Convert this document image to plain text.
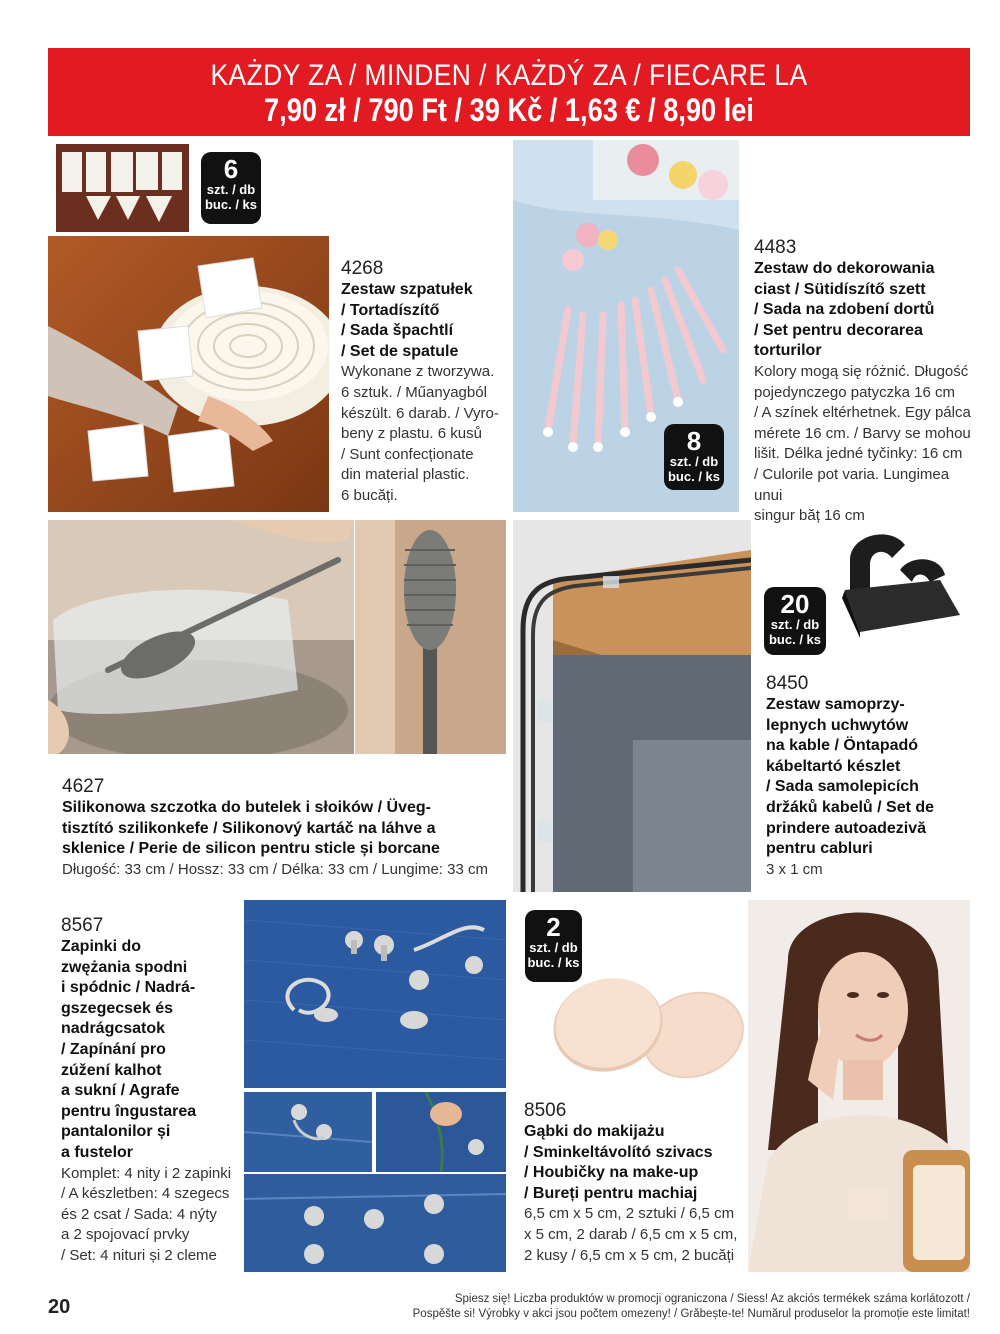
KAŻDY ZA / MINDEN / KAŻDÝ ZA / FIECARE LA
7,90 zł / 790 Ft / 39 Kč / 1,63 € / 8,90 lei
6
szt. / db
buc. / ks
4268
Zestaw szpatułek
/ Tortadíszítő
/ Sada špachtlí
/ Set de spatule
Wykonane z tworzywa.
6 sztuk. / Műanyagból
készült. 6 darab. / Vyro-
beny z plastu. 6 kusů
/ Sunt confecționate
din material plastic.
6 bucăți.
8
szt. / db
buc. / ks
4483
Zestaw do dekorowania
ciast / Sütidíszítő szett
/ Sada na zdobení dortů
/ Set pentru decorarea
torturilor
Kolory mogą się różnić. Długość
pojedynczego patyczka 16 cm
/ A színek eltérhetnek. Egy pálca
mérete 16 cm. / Barvy se mohou
lišit. Délka jedné tyčinky: 16 cm
/ Culorile pot varia. Lungimea unui
singur băț 16 cm
4627
Silikonowa szczotka do butelek i słoików / Üveg-
tisztító szilikonkefe / Silikonový kartáč na láhve a
sklenice / Perie de silicon pentru sticle și borcane
Długość: 33 cm / Hossz: 33 cm / Délka: 33 cm / Lungime: 33 cm
20
szt. / db
buc. / ks
8450
Zestaw samoprzy-
lepnych uchwytów
na kable / Öntapadó
kábeltartó készlet
/ Sada samolepicích
držáků kabelů / Set de
prindere autoadezivă
pentru cabluri
3 x 1 cm
8567
Zapinki do
zwężania spodni
i spódnic / Nadrá-
gszegecsek és
nadrágcsatok
/ Zapínání pro
zúžení kalhot
a sukní / Agrafe
pentru îngustarea
pantalonilor și
a fustelor
Komplet: 4 nity i 2 zapinki
/ A készletben: 4 szegecs
és 2 csat / Sada: 4 nýty
a 2 spojovací prvky
/ Set: 4 nituri și 2 cleme
2
szt. / db
buc. / ks
8506
Gąbki do makijażu
/ Sminkeltávolító szivacs
/ Houbičky na make-up
/ Bureți pentru machiaj
6,5 cm x 5 cm, 2 sztuki / 6,5 cm
x 5 cm, 2 darab / 6,5 cm x 5 cm,
2 kusy / 6,5 cm x 5 cm, 2 bucăți
20	Spiesz się! Liczba produktów w promocji ograniczona / Siess! Az akciós termékek száma korlátozott /
Pospěšte si! Výrobky v akci jsou počtem omezeny! / Grăbește-te! Numărul produselor la promoție este limitat!
